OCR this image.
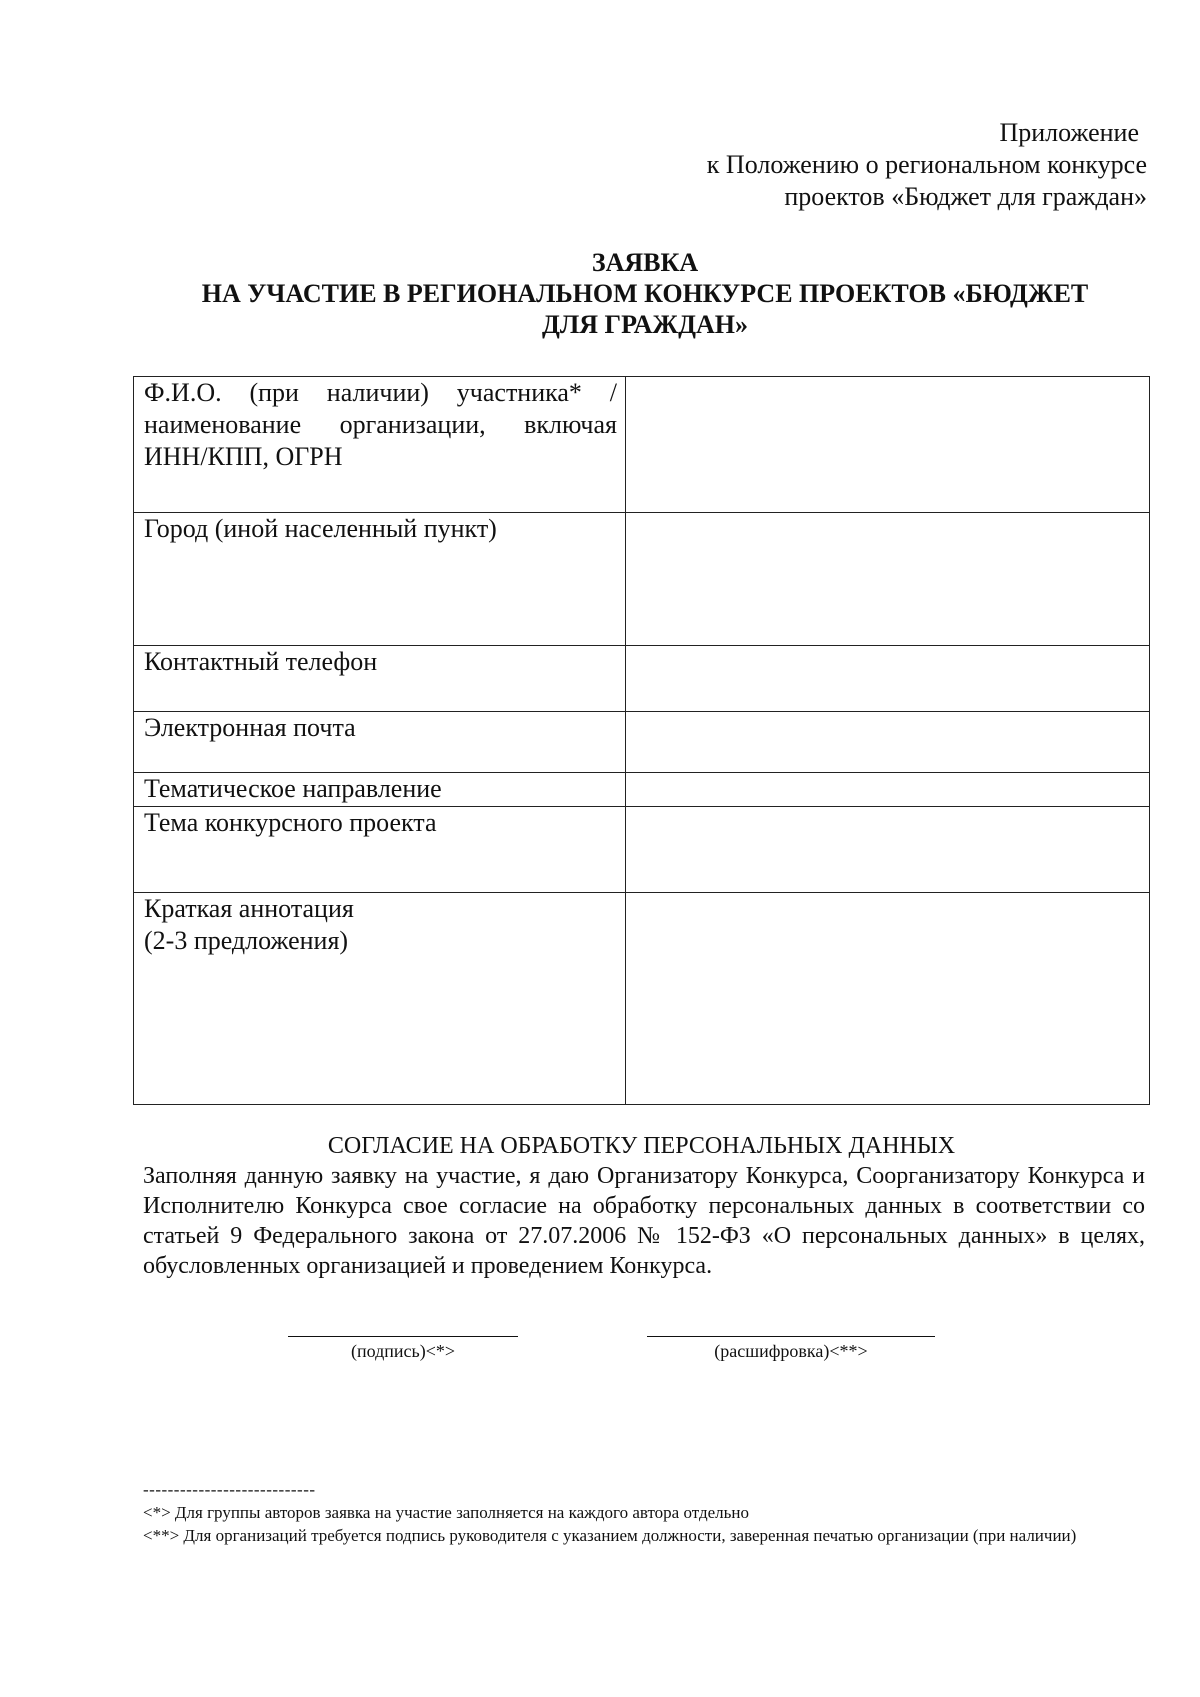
Приложение
к Положению о региональном конкурсе
проектов «Бюджет для граждан»
ЗАЯВКА
НА УЧАСТИЕ В РЕГИОНАЛЬНОМ КОНКУРСЕ ПРОЕКТОВ «БЮДЖЕТ
ДЛЯ ГРАЖДАН»
Ф.И.О. (при наличии) участника* / наименование организации, включая ИНН/КПП, ОГРН	
Город (иной населенный пункт)	
Контактный телефон	
Электронная почта	
Тематическое направление	
Тема конкурсного проекта	

Краткая аннотация
(2-3 предложения)	

СОГЛАСИЕ НА ОБРАБОТКУ ПЕРСОНАЛЬНЫХ ДАННЫХ
Заполняя данную заявку на участие, я даю Организатору Конкурса, Соорганизатору Конкурса и Исполнителю Конкурса свое согласие на обработку персональных данных в соответствии со статьей 9 Федерального закона от 27.07.2006 № 152-ФЗ «О персональных данных» в целях, обусловленных организацией и проведением Конкурса.
(подпись)<*>	(расшифровка)<**>
----------------------------
<*> Для группы авторов заявка на участие заполняется на каждого автора отдельно
<**> Для организаций требуется подпись руководителя с указанием должности, заверенная печатью организации (при наличии)
